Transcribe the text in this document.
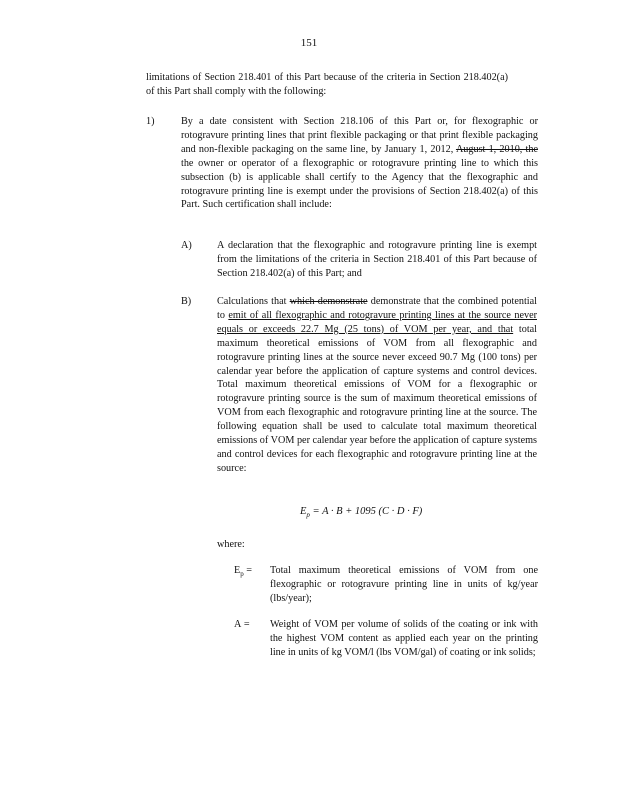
151
limitations of Section 218.401 of this Part because of the criteria in Section 218.402(a) of this Part shall comply with the following:
1)	By a date consistent with Section 218.106 of this Part or, for flexographic or rotogravure printing lines that print flexible packaging or that print flexible packaging and non-flexible packaging on the same line, by January 1, 2012, August 1, 2010, the the owner or operator of a flexographic or rotogravure printing line to which this subsection (b) is applicable shall certify to the Agency that the flexographic and rotogravure printing line is exempt under the provisions of Section 218.402(a) of this Part. Such certification shall include:
A) A declaration that the flexographic and rotogravure printing line is exempt from the limitations of the criteria in Section 218.401 of this Part because of Section 218.402(a) of this Part; and
B)	Calculations that which demonstrate demonstrate that the combined potential to emit of all flexographic and rotogravure printing lines at the source never equals or exceeds 22.7 Mg (25 tons) of VOM per year, and that total maximum theoretical emissions of VOM from all flexographic and rotogravure printing lines at the source never exceed 90.7 Mg (100 tons) per calendar year before the application of capture systems and control devices. Total maximum theoretical emissions of VOM for a flexographic or rotogravure printing source is the sum of maximum theoretical emissions of VOM from each flexographic and rotogravure printing line at the source. The following equation shall be used to calculate total maximum theoretical emissions of VOM per calendar year before the application of capture systems and control devices for each flexographic and rotogravure printing line at the source:
$E_p = A \cdot B + 1095$ (C · D · F)
where:
$E_p$ = Total maximum theoretical emissions of VOM from one flexographic or rotogravure printing line in units of kg/year (lbs/year);
A = Weight of VOM per volume of solids of the coating or ink with the highest VOM content as applied each year on the printing line in units of kg VOM/l (lbs VOM/gal) of coating or ink solids;
